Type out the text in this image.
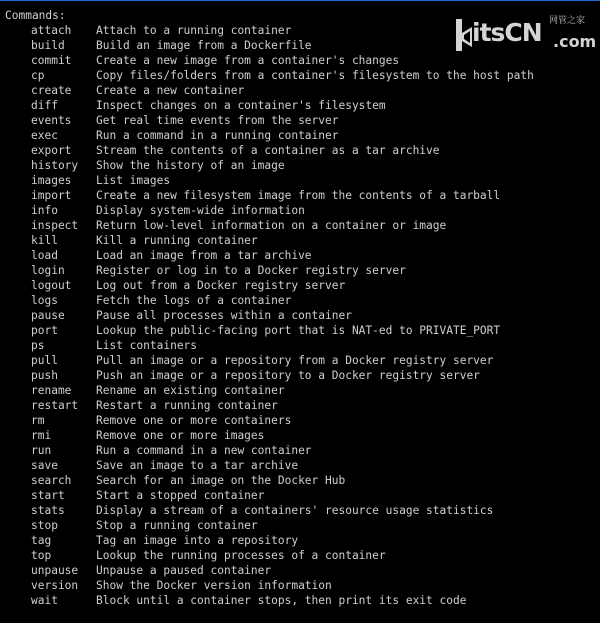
Commands:
attach	Attach to a running container
build	Build an image from a Dockerfile
commit	Create a new image from a container's changes
cp	Copy files/folders from a container's filesystem to the host path
create	Create a new container
diff	Inspect changes on a container's filesystem
events	Get real time events from the server
exec	Run a command in a running container
export	Stream the contents of a container as a tar archive
history	Show the history of an image
images	List images
import	Create a new filesystem image from the contents of a tarball
info	Display system-wide information
inspect	Return low-level information on a container or image
kill	Kill a running container
load	Load an image from a tar archive
login	Register or log in to a Docker registry server
logout	Log out from a Docker registry server
logs	Fetch the logs of a container
pause	Pause all processes within a container
port	Lookup the public-facing port that is NAT-ed to PRIVATE_PORT
ps	List containers
pull	Pull an image or a repository from a Docker registry server
push	Push an image or a repository to a Docker registry server
rename	Rename an existing container
restart	Restart a running container
rm	Remove one or more containers
rmi	Remove one or more images
run	Run a command in a new container
save	Save an image to a tar archive
search	Search for an image on the Docker Hub
start	Start a stopped container
stats	Display a stream of a containers' resource usage statistics
stop	Stop a running container
tag	Tag an image into a repository
top	Lookup the running processes of a container
unpause	Unpause a paused container
version	Show the Docker version information
wait	Block until a container stops, then print its exit code
itsCN 网管之家
.com
